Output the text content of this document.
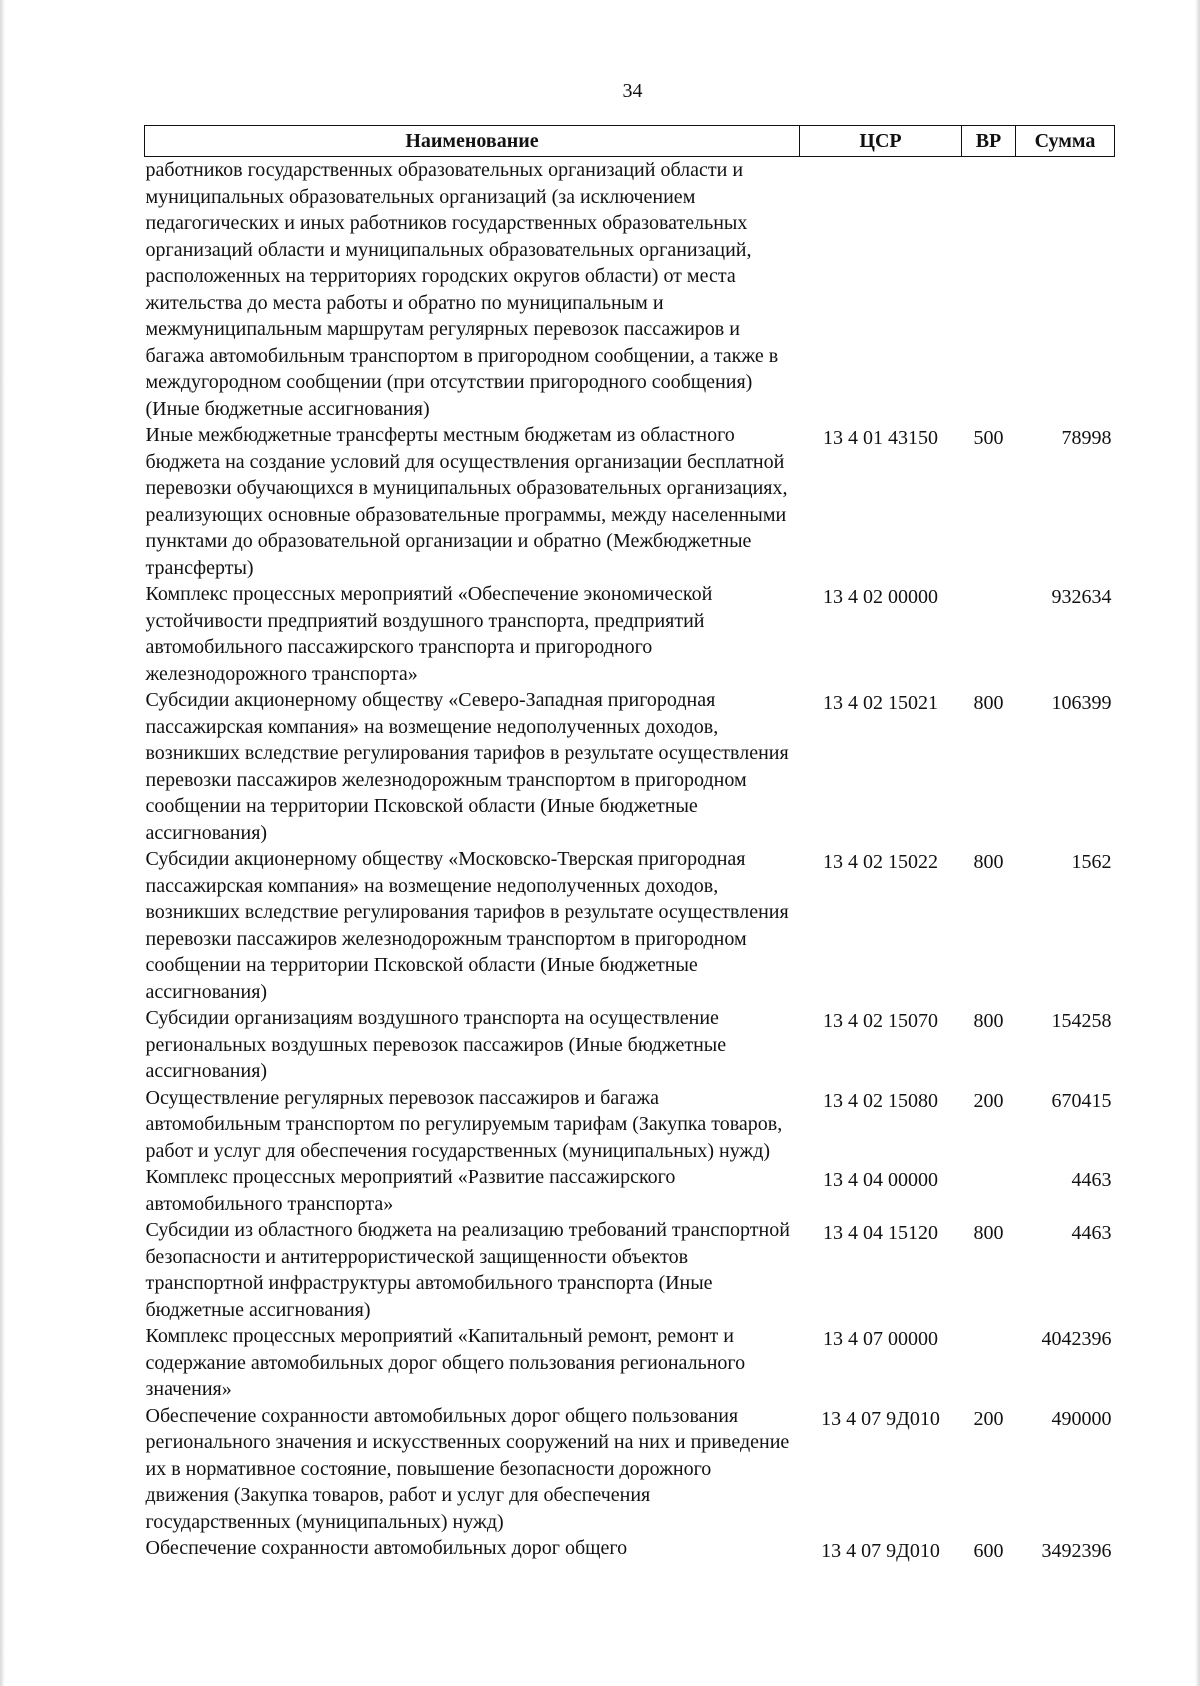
34
Наименование	ЦСР	ВР	Сумма
работников государственных образовательных организаций области и муниципальных образовательных организаций (за исключением педагогических и иных работников государственных образовательных организаций области и муниципальных образовательных организаций, расположенных на территориях городских округов области) от места жительства до места работы и обратно по муниципальным и межмуниципальным маршрутам регулярных перевозок пассажиров и багажа автомобильным транспортом в пригородном сообщении, а также в междугородном сообщении (при отсутствии пригородного сообщения) (Иные бюджетные ассигнования)			
Иные межбюджетные трансферты местным бюджетам из областного бюджета на создание условий для осуществления организации бесплатной перевозки обучающихся в муниципальных образовательных организациях, реализующих основные образовательные программы, между населенными пунктами до образовательной организации и обратно (Межбюджетные трансферты)	13 4 01 43150	500	78998
Комплекс процессных мероприятий «Обеспечение экономической устойчивости предприятий воздушного транспорта, предприятий автомобильного пассажирского транспорта и пригородного железнодорожного транспорта»	13 4 02 00000		932634
Субсидии акционерному обществу «Северо-Западная пригородная пассажирская компания» на возмещение недополученных доходов, возникших вследствие регулирования тарифов в результате осуществления перевозки пассажиров железнодорожным транспортом в пригородном сообщении на территории Псковской области (Иные бюджетные ассигнования)	13 4 02 15021	800	106399
Субсидии акционерному обществу «Московско-Тверская пригородная пассажирская компания» на возмещение недополученных доходов, возникших вследствие регулирования тарифов в результате осуществления перевозки пассажиров железнодорожным транспортом в пригородном сообщении на территории Псковской области (Иные бюджетные ассигнования)	13 4 02 15022	800	1562
Субсидии организациям воздушного транспорта на осуществление региональных воздушных перевозок пассажиров (Иные бюджетные ассигнования)	13 4 02 15070	800	154258
Осуществление регулярных перевозок пассажиров и багажа автомобильным транспортом по регулируемым тарифам (Закупка товаров, работ и услуг для обеспечения государственных (муниципальных) нужд)	13 4 02 15080	200	670415
Комплекс процессных мероприятий «Развитие пассажирского автомобильного транспорта»	13 4 04 00000		4463
Субсидии из областного бюджета на реализацию требований транспортной безопасности и антитеррористической защищенности объектов транспортной инфраструктуры автомобильного транспорта (Иные бюджетные ассигнования)	13 4 04 15120	800	4463
Комплекс процессных мероприятий «Капитальный ремонт, ремонт и содержание автомобильных дорог общего пользования регионального значения»	13 4 07 00000		4042396
Обеспечение сохранности автомобильных дорог общего пользования регионального значения и искусственных сооружений на них и приведение их в нормативное состояние, повышение безопасности дорожного движения (Закупка товаров, работ и услуг для обеспечения государственных (муниципальных) нужд)	13 4 07 9Д010	200	490000
Обеспечение сохранности автомобильных дорог общего	13 4 07 9Д010	600	3492396
